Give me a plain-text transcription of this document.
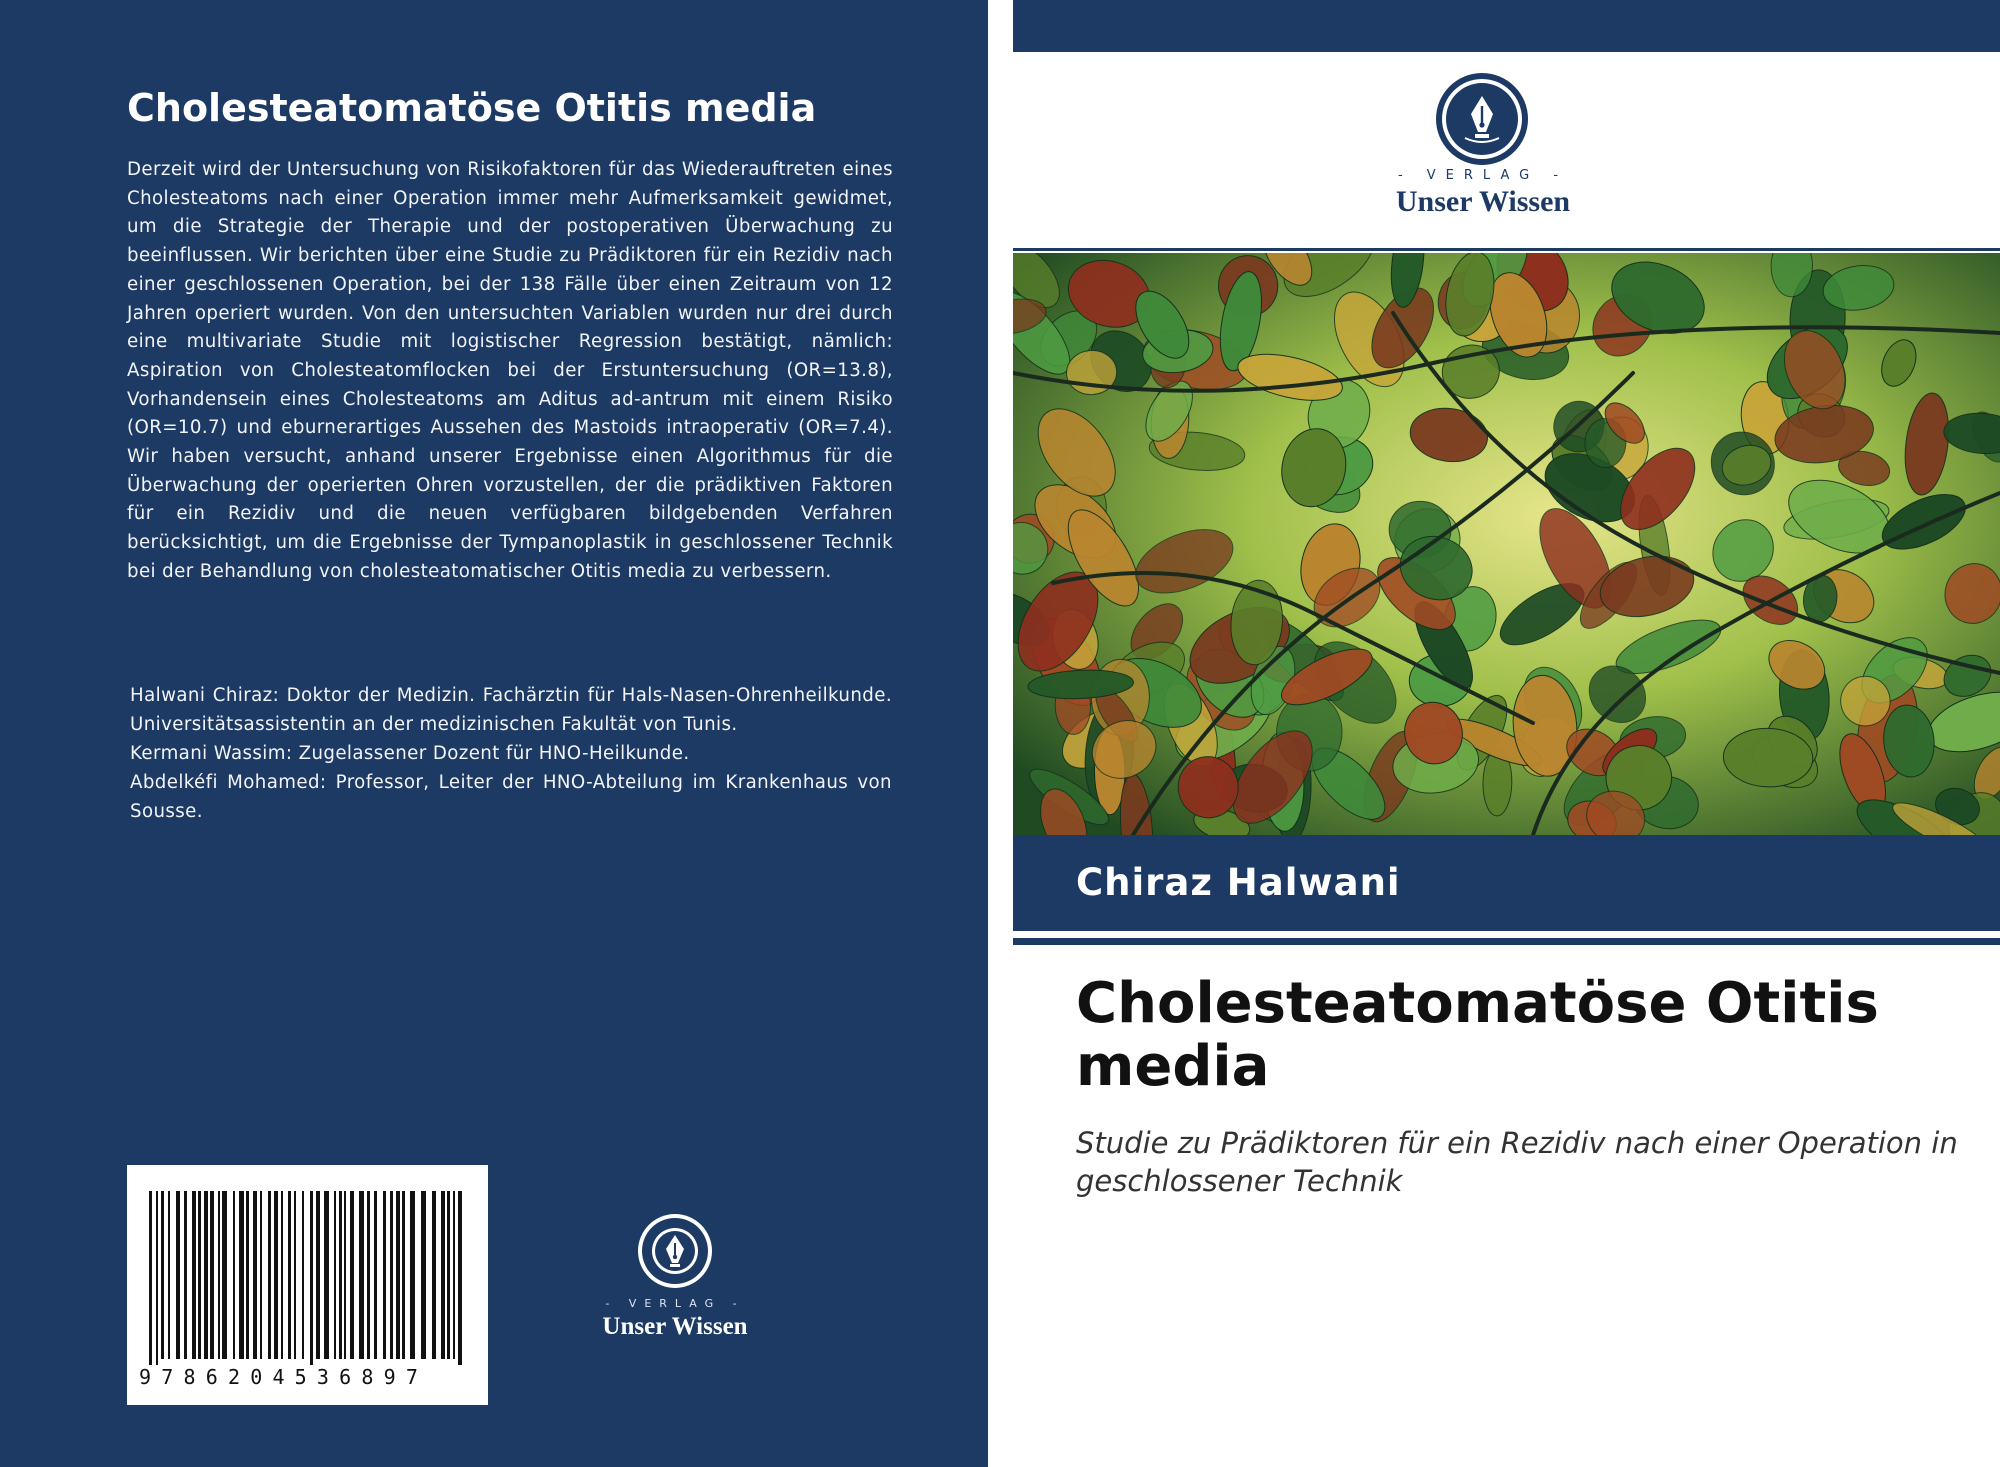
Cholesteatomatöse Otitis media
Derzeit wird der Untersuchung von Risikofaktoren für das Wiederauftreten eines Cholesteatoms nach einer Operation immer mehr Aufmerksamkeit gewidmet, um die Strategie der Therapie und der postoperativen Überwachung zu beeinflussen. Wir berichten über eine Studie zu Prädiktoren für ein Rezidiv nach einer geschlossenen Operation, bei der 138 Fälle über einen Zeitraum von 12 Jahren operiert wurden. Von den untersuchten Variablen wurden nur drei durch eine multivariate Studie mit logistischer Regression bestätigt, nämlich: Aspiration von Cholesteatomflocken bei der Erstuntersuchung (OR=13.8), Vorhandensein eines Cholesteatoms am Aditus ad-antrum mit einem Risiko (OR=10.7) und eburnerartiges Aussehen des Mastoids intraoperativ (OR=7.4). Wir haben versucht, anhand unserer Ergebnisse einen Algorithmus für die Überwachung der operierten Ohren vorzustellen, der die prädiktiven Faktoren für ein Rezidiv und die neuen verfügbaren bildgebenden Verfahren berücksichtigt, um die Ergebnisse der Tympanoplastik in geschlossener Technik bei der Behandlung von cholesteatomatischer Otitis media zu verbessern.

Halwani Chiraz: Doktor der Medizin. Fachärztin für Hals-Nasen-Ohrenheilkunde. Universitätsassistentin an der medizinischen Fakultät von Tunis.

Kermani Wassim: Zugelassener Dozent für HNO-Heilkunde.

Abdelkéfi Mohamed: Professor, Leiter der HNO-Abteilung im Krankenhaus von Sousse.

9786204536897
- VERLAG -
Unser Wissen
- VERLAG -
Unser Wissen
Chiraz Halwani
Cholesteatomatöse Otitis media
Studie zu Prädiktoren für ein Rezidiv nach einer Operation in geschlossener Technik
